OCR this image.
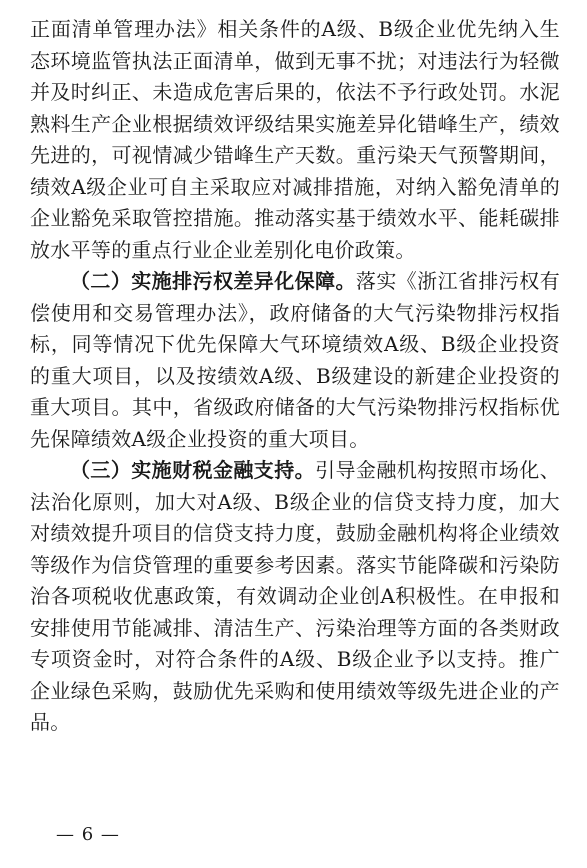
正面清单管理办法》相关条件的A级、B级企业优先纳入生态环境监管执法正面清单，做到无事不扰；对违法行为轻微并及时纠正、未造成危害后果的，依法不予行政处罚。水泥熟料生产企业根据绩效评级结果实施差异化错峰生产，绩效先进的，可视情减少错峰生产天数。重污染天气预警期间，绩效A级企业可自主采取应对减排措施，对纳入豁免清单的企业豁免采取管控措施。推动落实基于绩效水平、能耗碳排放水平等的重点行业企业差别化电价政策。

（二）实施排污权差异化保障。落实《浙江省排污权有偿使用和交易管理办法》，政府储备的大气污染物排污权指标，同等情况下优先保障大气环境绩效A级、B级企业投资的重大项目，以及按绩效A级、B级建设的新建企业投资的重大项目。其中，省级政府储备的大气污染物排污权指标优先保障绩效A级企业投资的重大项目。

（三）实施财税金融支持。引导金融机构按照市场化、法治化原则，加大对A级、B级企业的信贷支持力度，加大对绩效提升项目的信贷支持力度，鼓励金融机构将企业绩效等级作为信贷管理的重要参考因素。落实节能降碳和污染防治各项税收优惠政策，有效调动企业创A积极性。在申报和安排使用节能减排、清洁生产、污染治理等方面的各类财政专项资金时，对符合条件的A级、B级企业予以支持。推广企业绿色采购，鼓励优先采购和使用绩效等级先进企业的产品。

— 6 —
